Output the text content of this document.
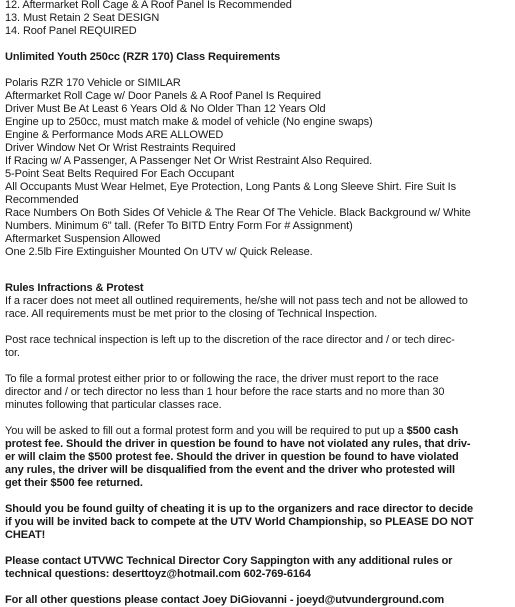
12. Aftermarket Roll Cage & A Roof Panel Is Recommended
13. Must Retain 2 Seat DESIGN
14. Roof Panel REQUIRED
Unlimited Youth 250cc (RZR 170) Class Requirements
Polaris RZR 170 Vehicle or SIMILAR
Aftermarket Roll Cage w/ Door Panels & A Roof Panel Is Required
Driver Must Be At Least 6 Years Old & No Older Than 12 Years Old
Engine up to 250cc, must match make & model of vehicle (No engine swaps)
Engine & Performance Mods ARE ALLOWED
Driver Window Net Or Wrist Restraints Required
If Racing w/ A Passenger, A Passenger Net Or Wrist Restraint Also Required.
5-Point Seat Belts Required For Each Occupant
All Occupants Must Wear Helmet, Eye Protection, Long Pants & Long Sleeve Shirt. Fire Suit Is
Recommended
Race Numbers On Both Sides Of Vehicle & The Rear Of The Vehicle. Black Background w/ White
Numbers. Minimum 6" tall. (Refer To BITD Entry Form For # Assignment)
Aftermarket Suspension Allowed
One 2.5lb Fire Extinguisher Mounted On UTV w/ Quick Release.
Rules Infractions & Protest
If a racer does not meet all outlined requirements, he/she will not pass tech and not be allowed to
race. All requirements must be met prior to the closing of Technical Inspection.
Post race technical inspection is left up to the discretion of the race director and / or tech direc-
tor.
To file a formal protest either prior to or following the race, the driver must report to the race
director and / or tech director no less than 1 hour before the race starts and no more than 30
minutes following that particular classes race.
You will be asked to fill out a formal protest form and you will be required to put up a $500 cash
protest fee. Should the driver in question be found to have not violated any rules, that driv-
er will claim the $500 protest fee. Should the driver in question be found to have violated
any rules, the driver will be disqualified from the event and the driver who protested will
get their $500 fee returned.
Should you be found guilty of cheating it is up to the organizers and race director to decide
if you will be invited back to compete at the UTV World Championship, so PLEASE DO NOT
CHEAT!
Please contact UTVWC Technical Director Cory Sappington with any additional rules or
technical questions: deserttoyz@hotmail.com 602-769-6164
For all other questions please contact Joey DiGiovanni - joeyd@utvunderground.com
